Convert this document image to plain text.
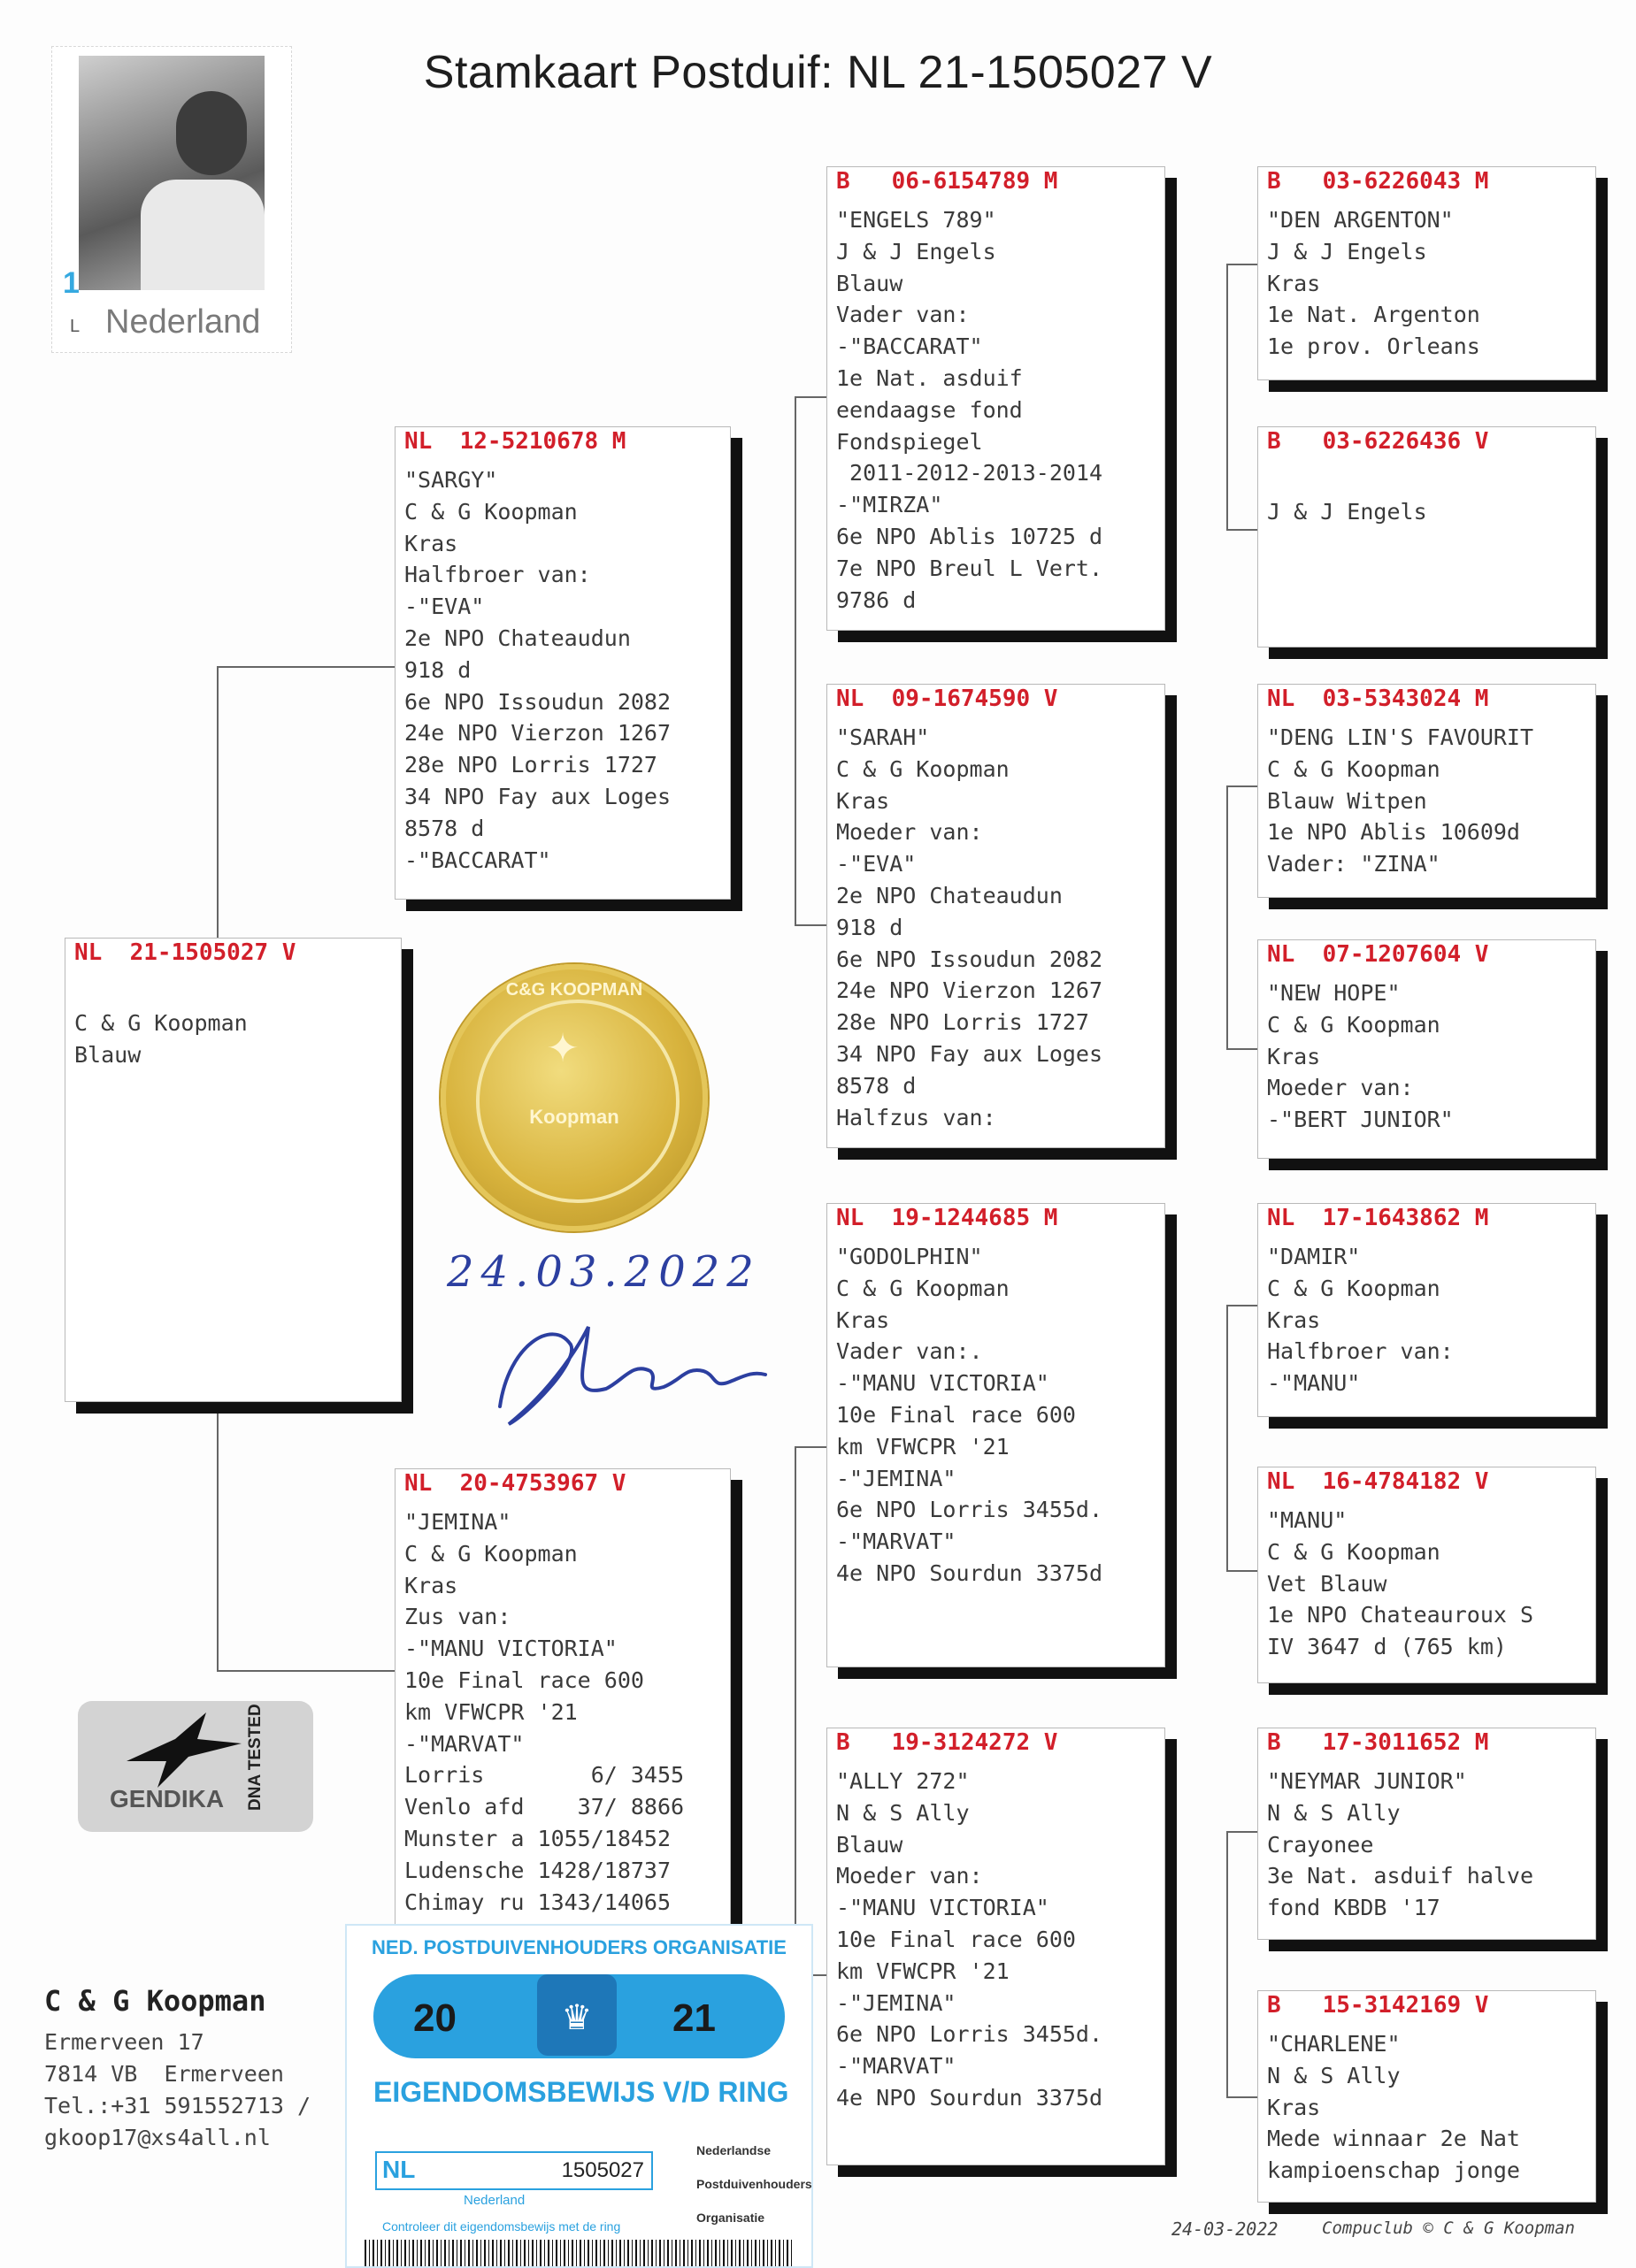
Stamkaart Postduif: NL 21-1505027 V
1
L Nederland
NL  21-1505027 V
C & G Koopman
Blauw
NL  12-5210678 M
"SARGY"
C & G Koopman
Kras
Halfbroer van:
-"EVA"
2e NPO Chateaudun
918 d
6e NPO Issoudun 2082
24e NPO Vierzon 1267
28e NPO Lorris 1727
34 NPO Fay aux Loges
8578 d
-"BACCARAT"
NL  20-4753967 V
"JEMINA"
C & G Koopman
Kras
Zus van:
-"MANU VICTORIA"
10e Final race 600
km VFWCPR '21
-"MARVAT"
Lorris        6/ 3455
Venlo afd    37/ 8866
Munster a 1055/18452
Ludensche 1428/18737
Chimay ru 1343/14065
B   06-6154789 M
"ENGELS 789"
J & J Engels
Blauw
Vader van:
-"BACCARAT"
1e Nat. asduif
eendaagse fond
Fondspiegel
2011-2012-2013-2014
-"MIRZA"
6e NPO Ablis 10725 d
7e NPO Breul L Vert.
9786 d
NL  09-1674590 V
"SARAH"
C & G Koopman
Kras
Moeder van:
-"EVA"
2e NPO Chateaudun
918 d
6e NPO Issoudun 2082
24e NPO Vierzon 1267
28e NPO Lorris 1727
34 NPO Fay aux Loges
8578 d
Halfzus van:
NL  19-1244685 M
"GODOLPHIN"
C & G Koopman
Kras
Vader van:.
-"MANU VICTORIA"
10e Final race 600
km VFWCPR '21
-"JEMINA"
6e NPO Lorris 3455d.
-"MARVAT"
4e NPO Sourdun 3375d
B   19-3124272 V
"ALLY 272"
N & S Ally
Blauw
Moeder van:
-"MANU VICTORIA"
10e Final race 600
km VFWCPR '21
-"JEMINA"
6e NPO Lorris 3455d.
-"MARVAT"
4e NPO Sourdun 3375d
B   03-6226043 M
"DEN ARGENTON"
J & J Engels
Kras
1e Nat. Argenton
1e prov. Orleans
B   03-6226436 V
J & J Engels
NL  03-5343024 M
"DENG LIN'S FAVOURIT
C & G Koopman
Blauw Witpen
1e NPO Ablis 10609d
Vader: "ZINA"
NL  07-1207604 V
"NEW HOPE"
C & G Koopman
Kras
Moeder van:
-"BERT JUNIOR"
NL  17-1643862 M
"DAMIR"
C & G Koopman
Kras
Halfbroer van:
-"MANU"
NL  16-4784182 V
"MANU"
C & G Koopman
Vet Blauw
1e NPO Chateauroux S
IV 3647 d (765 km)
B   17-3011652 M
"NEYMAR JUNIOR"
N & S Ally
Crayonee
3e Nat. asduif halve
fond KBDB '17
B   15-3142169 V
"CHARLENE"
N & S Ally
Kras
Mede winnaar 2e Nat
kampioenschap jonge
C&G KOOPMAN
✦
Koopman
24.03.2022
GENDIKA DNA TESTED
C & G Koopman
Ermerveen 17
7814 VB  Ermerveen
Tel.:+31 591552713 /
gkoop17@xs4all.nl
NED. POSTDUIVENHOUDERS ORGANISATIE
20	♛	21
EIGENDOMSBEWIJS V/D RING
NL	1505027
Nederlandse
Postduivenhouders
Organisatie
Nederland
Controleer dit eigendomsbewijs met de ring	24-03-2022	Compuclub © C & G Koopman
